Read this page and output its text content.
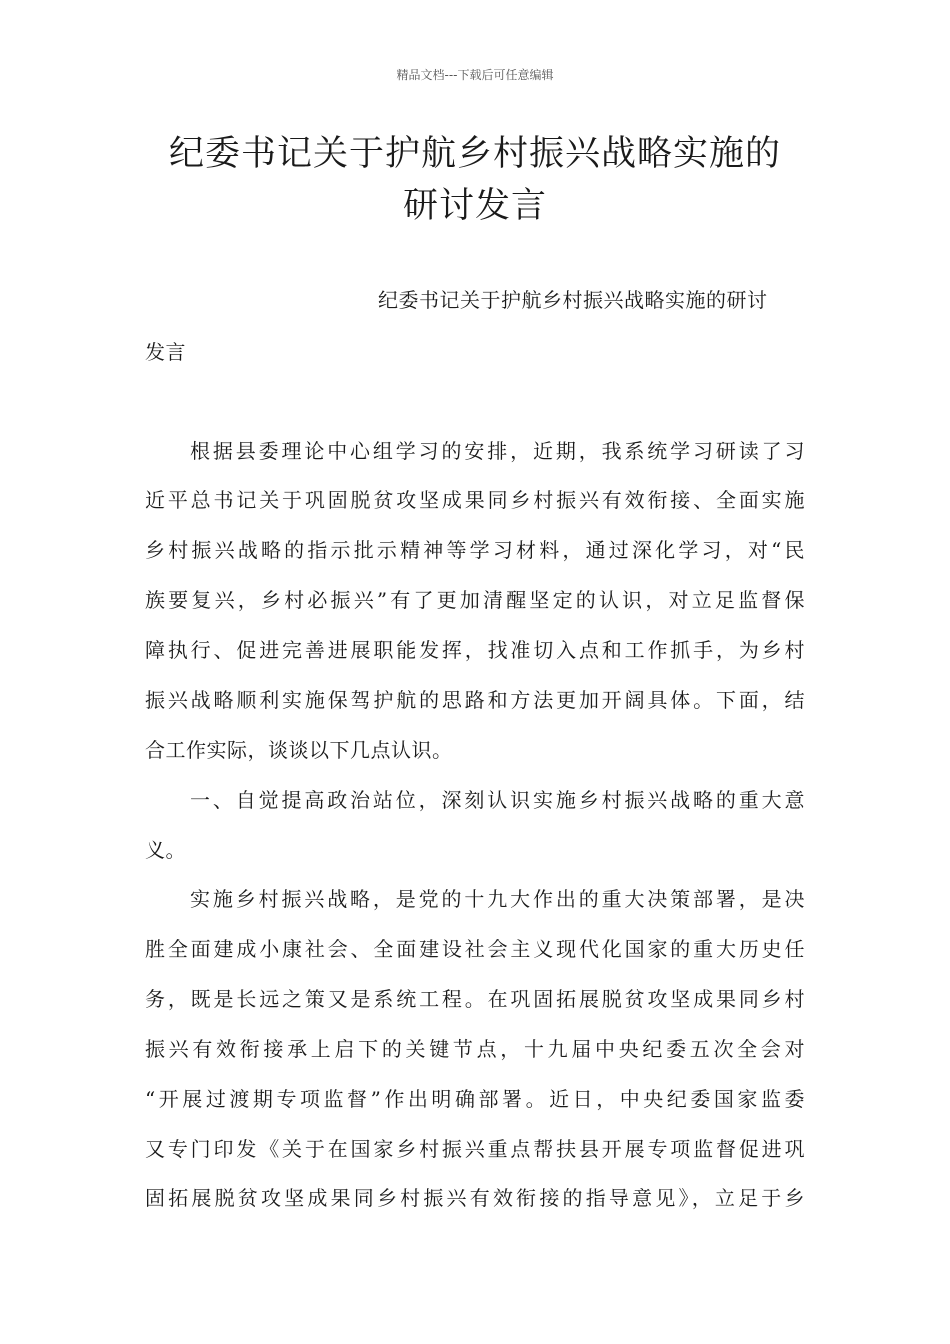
精品文档---下载后可任意编辑
纪委书记关于护航乡村振兴战略实施的
研讨发言
纪委书记关于护航乡村振兴战略实施的研讨
发言
根据县委理论中心组学习的安排，近期，我系统学习研读了习
近平总书记关于巩固脱贫攻坚成果同乡村振兴有效衔接、全面实施
乡村振兴战略的指示批示精神等学习材料，通过深化学习，对“民
族要复兴，乡村必振兴”有了更加清醒坚定的认识，对立足监督保
障执行、促进完善进展职能发挥，找准切入点和工作抓手，为乡村
振兴战略顺利实施保驾护航的思路和方法更加开阔具体。下面，结
合工作实际，谈谈以下几点认识。
一、自觉提高政治站位，深刻认识实施乡村振兴战略的重大意
义。
实施乡村振兴战略，是党的十九大作出的重大决策部署，是决
胜全面建成小康社会、全面建设社会主义现代化国家的重大历史任
务，既是长远之策又是系统工程。在巩固拓展脱贫攻坚成果同乡村
振兴有效衔接承上启下的关键节点，十九届中央纪委五次全会对
“开展过渡期专项监督”作出明确部署。近日，中央纪委国家监委
又专门印发《关于在国家乡村振兴重点帮扶县开展专项监督促进巩
固拓展脱贫攻坚成果同乡村振兴有效衔接的指导意见》，立足于乡
